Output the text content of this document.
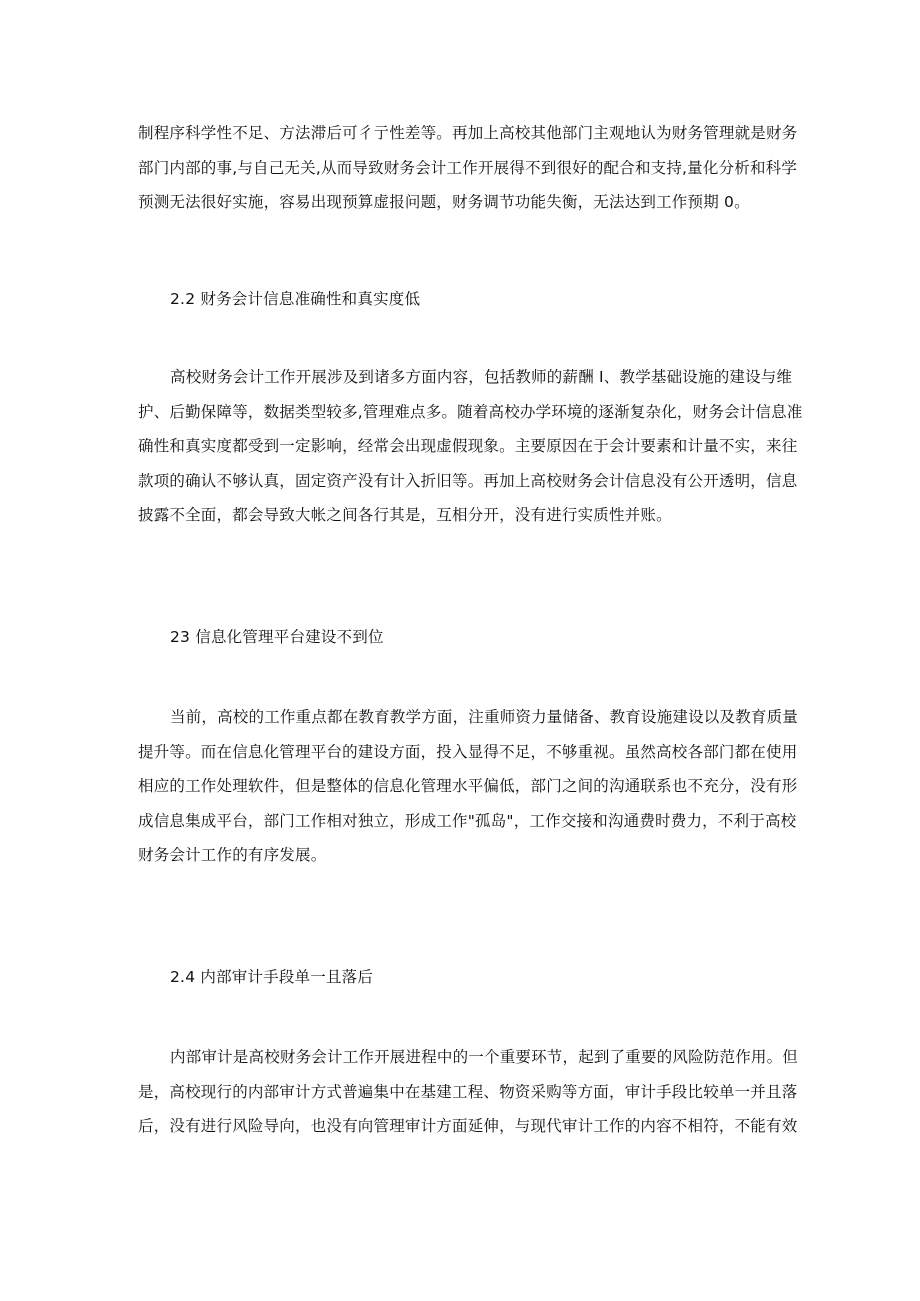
制程序科学性不足、方法滞后可彳亍性差等。再加上高校其他部门主观地认为财务管理就是财务
部门内部的事,与自己无关,从而导致财务会计工作开展得不到很好的配合和支持,量化分析和科学
预测无法很好实施，容易出现预算虚报问题，财务调节功能失衡，无法达到工作预期 0。
2.2 财务会计信息准确性和真实度低
高校财务会计工作开展涉及到诸多方面内容，包括教师的薪酬 I、教学基础设施的建设与维
护、后勤保障等，数据类型较多,管理难点多。随着高校办学环境的逐渐复杂化，财务会计信息准
确性和真实度都受到一定影响，经常会出现虚假现象。主要原因在于会计要素和计量不实，来往
款项的确认不够认真，固定资产没有计入折旧等。再加上高校财务会计信息没有公开透明，信息
披露不全面，都会导致大帐之间各行其是，互相分开，没有进行实质性并账。
23 信息化管理平台建设不到位
当前，高校的工作重点都在教育教学方面，注重师资力量储备、教育设施建设以及教育质量
提升等。而在信息化管理平台的建设方面，投入显得不足，不够重视。虽然高校各部门都在使用
相应的工作处理软件，但是整体的信息化管理水平偏低，部门之间的沟通联系也不充分，没有形
成信息集成平台，部门工作相对独立，形成工作"孤岛"，工作交接和沟通费时费力，不利于高校
财务会计工作的有序发展。
2.4 内部审计手段单一且落后
内部审计是高校财务会计工作开展进程中的一个重要环节，起到了重要的风险防范作用。但
是，高校现行的内部审计方式普遍集中在基建工程、物资采购等方面，审计手段比较单一并且落
后，没有进行风险导向，也没有向管理审计方面延伸，与现代审计工作的内容不相符，不能有效
